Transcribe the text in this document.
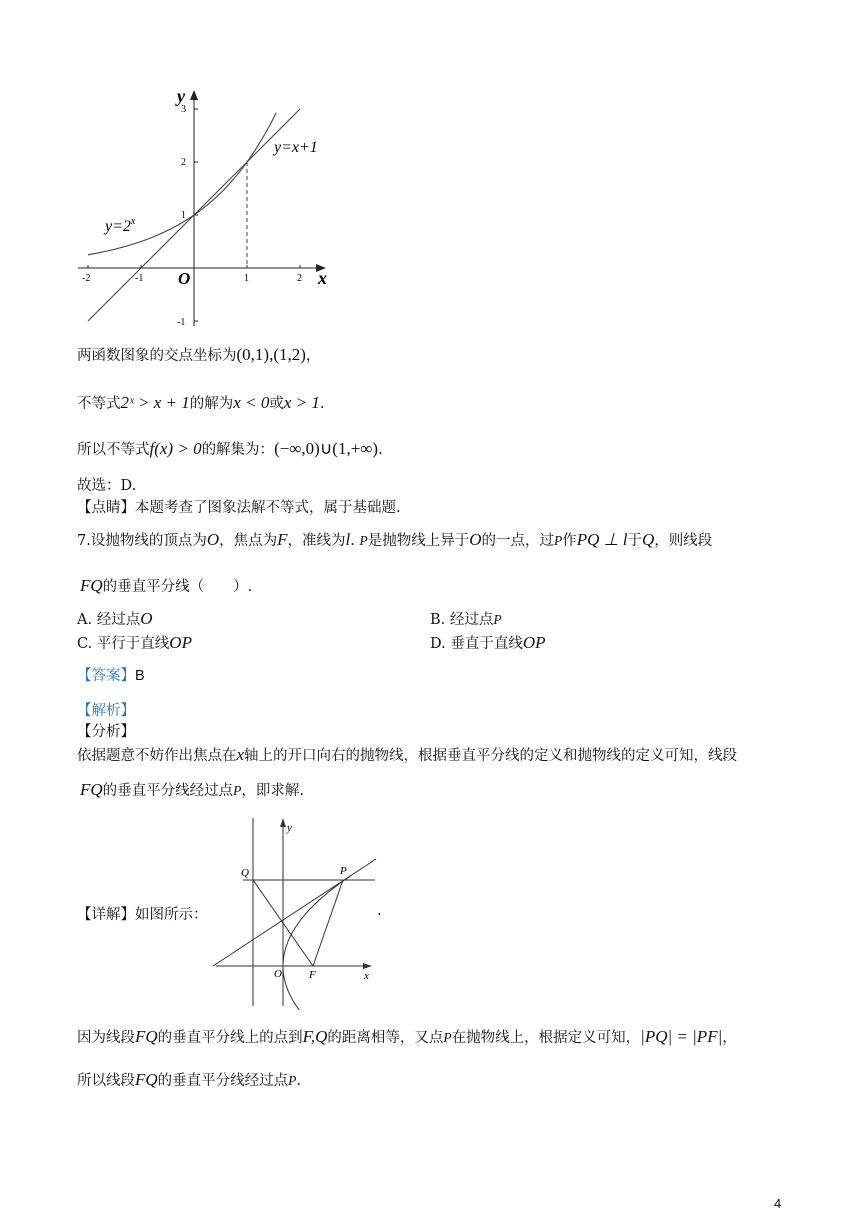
-2	-1	1	2
3
2
1
-1
O	x
y
$y=2^x$
y=x+1
两函数图象的交点坐标为(0,1),(1,2)，
不等式2ˣ > x + 1的解为x < 0或x > 1.
所以不等式f(x) > 0的解集为：(−∞,0)∪(1,+∞).
故选：D.
【点睛】本题考查了图象法解不等式，属于基础题.
7.设抛物线的顶点为O，焦点为F，准线为l. P是抛物线上异于O的一点，过P作PQ ⊥ l于Q，则线段
FQ的垂直平分线（　　）.
A. 经过点O	B. 经过点P
C. 平行于直线OP	D. 垂直于直线OP
【答案】B
【解析】
【分析】
依据题意不妨作出焦点在x轴上的开口向右的抛物线，根据垂直平分线的定义和抛物线的定义可知，线段
FQ的垂直平分线经过点P，即求解.
【详解】如图所示：	.
y
x
Q	P
O F
因为线段FQ的垂直平分线上的点到F,Q的距离相等，又点P在抛物线上，根据定义可知，|PQ| = |PF|，
所以线段FQ的垂直平分线经过点P.
4
